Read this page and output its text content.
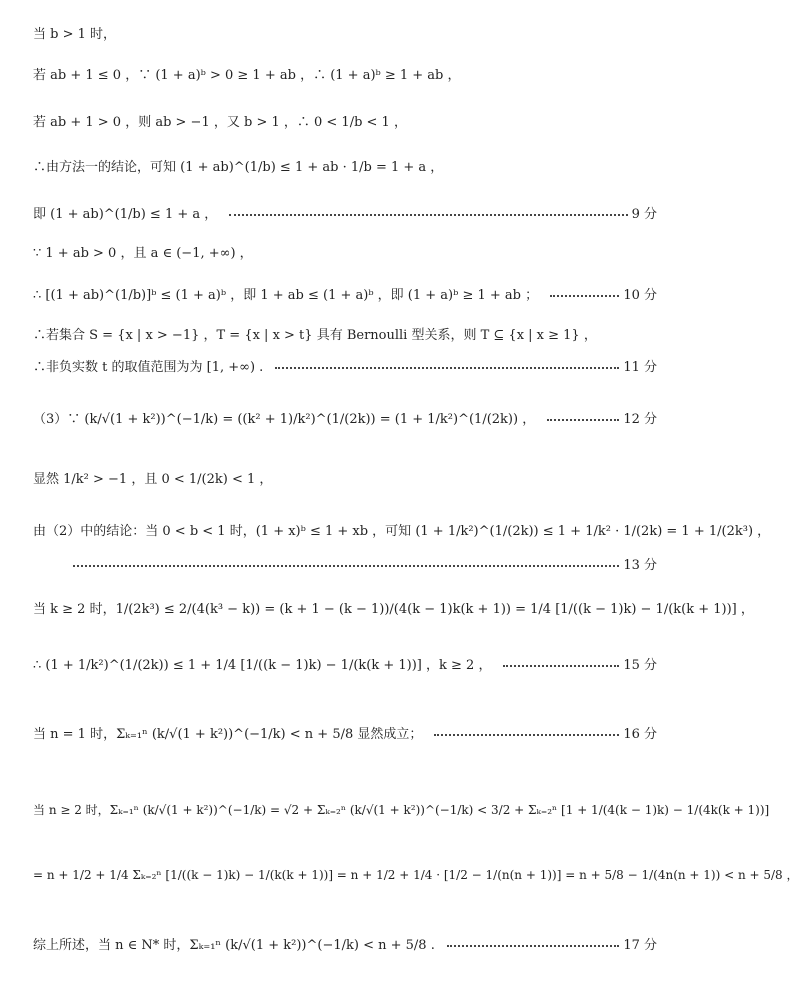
当 b > 1 时，
若 ab + 1 ≤ 0 ，∵ (1 + a)ᵇ > 0 ≥ 1 + ab ，∴ (1 + a)ᵇ ≥ 1 + ab ，
若 ab + 1 > 0 ，则 ab > −1 ，又 b > 1 ，∴ 0 < 1/b < 1 ，
∴由方法一的结论，可知 (1 + ab)^(1/b) ≤ 1 + ab · 1/b = 1 + a ，
即 (1 + ab)^(1/b) ≤ 1 + a ，	9 分
∵ 1 + ab > 0 ，且 a ∈ (−1, +∞) ，
∴ [(1 + ab)^(1/b)]ᵇ ≤ (1 + a)ᵇ ，即 1 + ab ≤ (1 + a)ᵇ ，即 (1 + a)ᵇ ≥ 1 + ab ；	10 分
∴若集合 S = {x | x > −1} ，T = {x | x > t} 具有 Bernoulli 型关系，则 T ⊆ {x | x ≥ 1} ，
∴非负实数 t 的取值范围为为 [1, +∞) .	11 分
（3）∵ (k/√(1 + k²))^(−1/k) = ((k² + 1)/k²)^(1/(2k)) = (1 + 1/k²)^(1/(2k)) ，	12 分
显然 1/k² > −1 ，且 0 < 1/(2k) < 1 ，
由（2）中的结论：当 0 < b < 1 时，(1 + x)ᵇ ≤ 1 + xb ，可知 (1 + 1/k²)^(1/(2k)) ≤ 1 + 1/k² · 1/(2k) = 1 + 1/(2k³) ，
13 分
当 k ≥ 2 时，1/(2k³) ≤ 2/(4(k³ − k)) = (k + 1 − (k − 1))/(4(k − 1)k(k + 1)) = 1/4 [1/((k − 1)k) − 1/(k(k + 1))] ，
∴ (1 + 1/k²)^(1/(2k)) ≤ 1 + 1/4 [1/((k − 1)k) − 1/(k(k + 1))] ，k ≥ 2 ，	15 分
当 n = 1 时，Σₖ₌₁ⁿ (k/√(1 + k²))^(−1/k) < n + 5/8 显然成立；	16 分
当 n ≥ 2 时，Σₖ₌₁ⁿ (k/√(1 + k²))^(−1/k) = √2 + Σₖ₌₂ⁿ (k/√(1 + k²))^(−1/k) < 3/2 + Σₖ₌₂ⁿ [1 + 1/(4(k − 1)k) − 1/(4k(k + 1))]
= n + 1/2 + 1/4 Σₖ₌₂ⁿ [1/((k − 1)k) − 1/(k(k + 1))] = n + 1/2 + 1/4 · [1/2 − 1/(n(n + 1))] = n + 5/8 − 1/(4n(n + 1)) < n + 5/8 ，
综上所述，当 n ∈ N* 时，Σₖ₌₁ⁿ (k/√(1 + k²))^(−1/k) < n + 5/8 .	17 分
